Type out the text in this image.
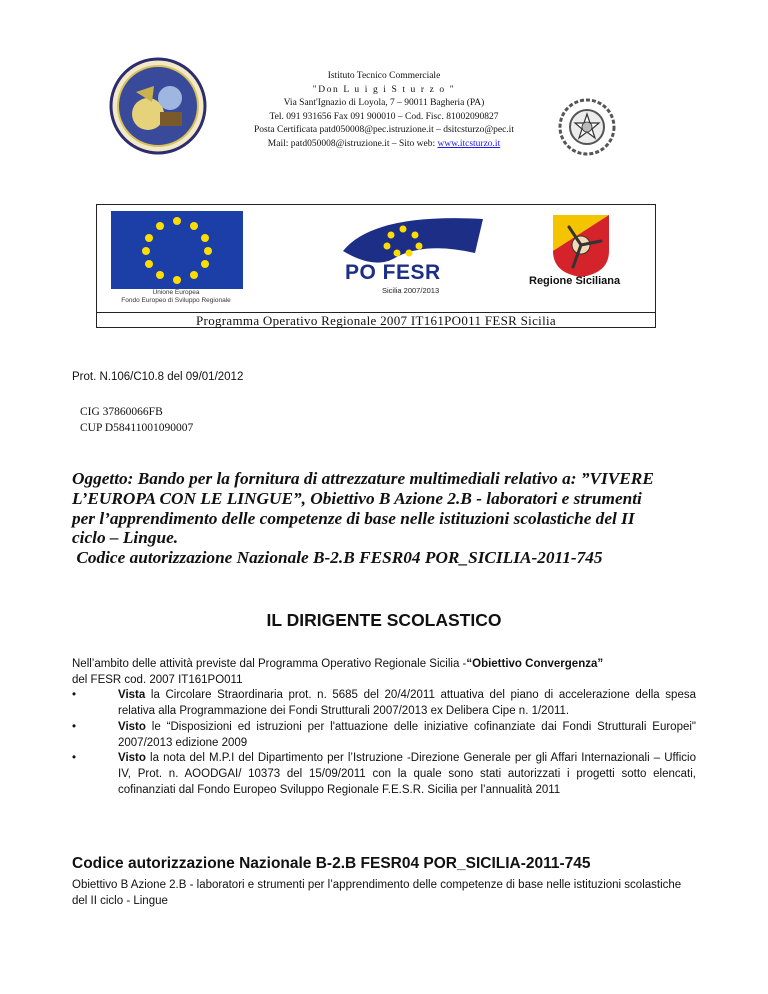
Istituto Tecnico Commerciale
"Don L u i g i S t u r z o "
Via Sant'Ignazio di Loyola, 7 – 90011 Bagheria (PA)
Tel. 091 931656 Fax 091 900010 – Cod. Fisc. 81002090827
Posta Certificata patd050008@pec.istruzione.it – dsitcsturzo@pec.it
Mail: patd050008@istruzione.it – Sito web: www.itcsturzo.it
Unione Europea
Fondo Europeo di Sviluppo Regionale
PO FESR
Sicilia 2007/2013
Regione Siciliana
Programma Operativo Regionale 2007 IT161PO011 FESR Sicilia
Prot. N.106/C10.8 del 09/01/2012
CIG 37860066FB
CUP D58411001090007
Oggetto: Bando per la fornitura di attrezzature multimediali relativo a: ”VIVERE
L’EUROPA CON LE LINGUE”, Obiettivo B Azione 2.B - laboratori e strumenti
per l’apprendimento delle competenze di base nelle istituzioni scolastiche del II
ciclo – Lingue.
Codice autorizzazione Nazionale B-2.B FESR04 POR_SICILIA-2011-745
IL DIRIGENTE SCOLASTICO

Nell’ambito delle attività previste dal Programma Operativo Regionale Sicilia -“Obiettivo Convergenza”
del FESR cod. 2007 IT161PO011

•	Vista la Circolare Straordinaria prot. n. 5685 del 20/4/2011 attuativa del piano di accelerazione della spesa relativa alla Programmazione dei Fondi Strutturali 2007/2013 ex Delibera Cipe n. 1/2011.

•	Visto le “Disposizioni ed istruzioni per l'attuazione delle iniziative cofinanziate dai Fondi Strutturali Europei" 2007/2013 edizione 2009

•	Visto la nota del M.P.I del Dipartimento per l’Istruzione -Direzione Generale per gli Affari Internazionali – Ufficio IV, Prot. n. AOODGAI/ 10373 del 15/09/2011 con la quale sono stati autorizzati i progetti sotto elencati, cofinanziati dal Fondo Europeo Sviluppo Regionale F.E.S.R. Sicilia per l’annualità 2011

Codice autorizzazione Nazionale B-2.B FESR04 POR_SICILIA-2011-745
Obiettivo B Azione 2.B - laboratori e strumenti per l’apprendimento delle competenze di base nelle istituzioni scolastiche del II ciclo - Lingue
